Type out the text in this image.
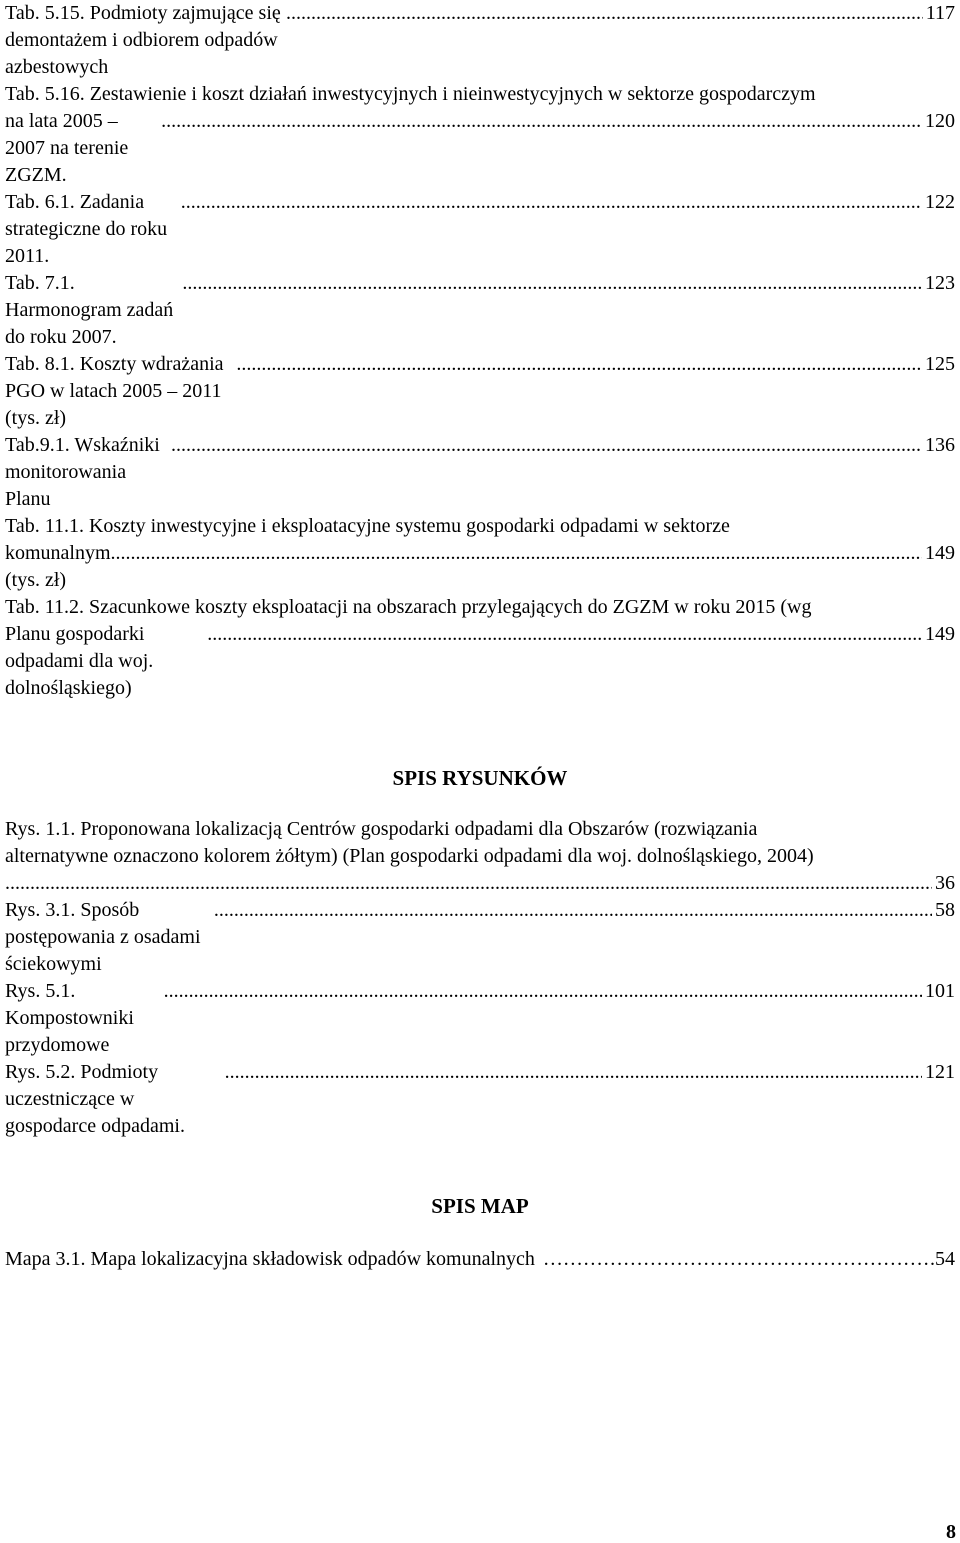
Tab. 5.15. Podmioty zajmujące się demontażem i odbiorem odpadów azbestowych
.....
117
Tab. 5.16. Zestawienie i koszt działań inwestycyjnych i nieinwestycyjnych w sektorze gospodarczym
na lata 2005 – 2007 na terenie ZGZM.
.....
120
Tab. 6.1. Zadania strategiczne do roku 2011.
.....
122
Tab. 7.1. Harmonogram zadań do roku 2007.
.....
123
Tab. 8.1. Koszty wdrażania PGO w latach 2005 – 2011 (tys. zł)
.....
125
Tab.9.1. Wskaźniki monitorowania Planu
.....
136
Tab. 11.1. Koszty inwestycyjne i eksploatacyjne systemu gospodarki odpadami w sektorze
komunalnym (tys. zł)
.....
149
Tab. 11.2. Szacunkowe koszty eksploatacji na obszarach przylegających do ZGZM w roku 2015 (wg
Planu gospodarki odpadami dla woj. dolnośląskiego)
.....
149
SPIS RYSUNKÓW
Rys. 1.1. Proponowana lokalizacją Centrów gospodarki odpadami dla Obszarów (rozwiązania
alternatywne oznaczono kolorem żółtym) (Plan gospodarki odpadami dla woj. dolnośląskiego, 2004)
.....
36
Rys. 3.1. Sposób postępowania z osadami ściekowymi
.....
58
Rys. 5.1. Kompostowniki przydomowe
.....
101
Rys. 5.2. Podmioty uczestniczące w gospodarce odpadami.
.....
121
SPIS MAP
Mapa 3.1. Mapa lokalizacyjna składowisk odpadów komunalnych
………………………………………………………………………………………………………………………………	.54
8
